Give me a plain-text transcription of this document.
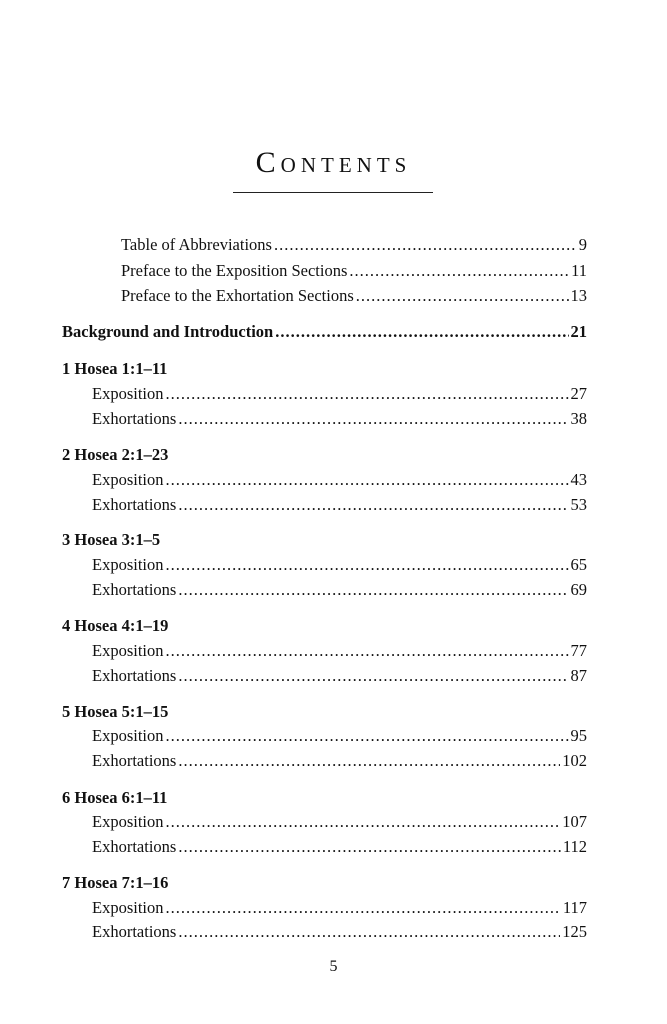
Contents
Table of Abbreviations .....	9
Preface to the Exposition Sections .....	11
Preface to the Exhortation Sections .....	13
Background and Introduction .....	21
1 Hosea 1:1–11
Exposition .....	27
Exhortations .....	38
2 Hosea 2:1–23
Exposition .....	43
Exhortations .....	53
3 Hosea 3:1–5
Exposition .....	65
Exhortations .....	69
4 Hosea 4:1–19
Exposition .....	77
Exhortations .....	87
5 Hosea 5:1–15
Exposition .....	95
Exhortations .....	102
6 Hosea 6:1–11
Exposition .....	107
Exhortations .....	112
7 Hosea 7:1–16
Exposition .....	117
Exhortations .....	125
5
